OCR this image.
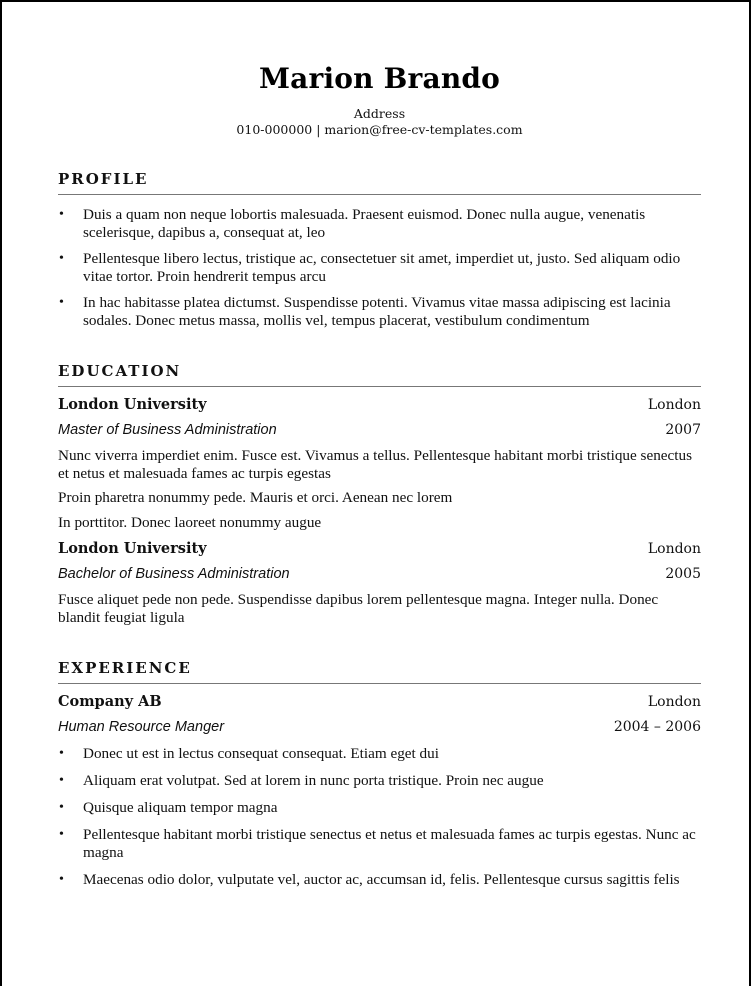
Marion Brando
Address
010-000000 | marion@free-cv-templates.com
PROFILE
• Duis a quam non neque lobortis malesuada. Praesent euismod. Donec nulla augue, venenatis scelerisque, dapibus a, consequat at, leo
• Pellentesque libero lectus, tristique ac, consectetuer sit amet, imperdiet ut, justo. Sed aliquam odio vitae tortor. Proin hendrerit tempus arcu
• In hac habitasse platea dictumst. Suspendisse potenti. Vivamus vitae massa adipiscing est lacinia sodales. Donec metus massa, mollis vel, tempus placerat, vestibulum condimentum
EDUCATION
London University	London
Master of Business Administration	2007
Nunc viverra imperdiet enim. Fusce est. Vivamus a tellus. Pellentesque habitant morbi tristique senectus et netus et malesuada fames ac turpis egestas
Proin pharetra nonummy pede. Mauris et orci. Aenean nec lorem
In porttitor. Donec laoreet nonummy augue
London University	London
Bachelor of Business Administration	2005
Fusce aliquet pede non pede. Suspendisse dapibus lorem pellentesque magna. Integer nulla. Donec blandit feugiat ligula
EXPERIENCE
Company AB	London
Human Resource Manger	2004 – 2006
• Donec ut est in lectus consequat consequat. Etiam eget dui
• Aliquam erat volutpat. Sed at lorem in nunc porta tristique. Proin nec augue
• Quisque aliquam tempor magna
• Pellentesque habitant morbi tristique senectus et netus et malesuada fames ac turpis egestas. Nunc ac magna
• Maecenas odio dolor, vulputate vel, auctor ac, accumsan id, felis. Pellentesque cursus sagittis felis
